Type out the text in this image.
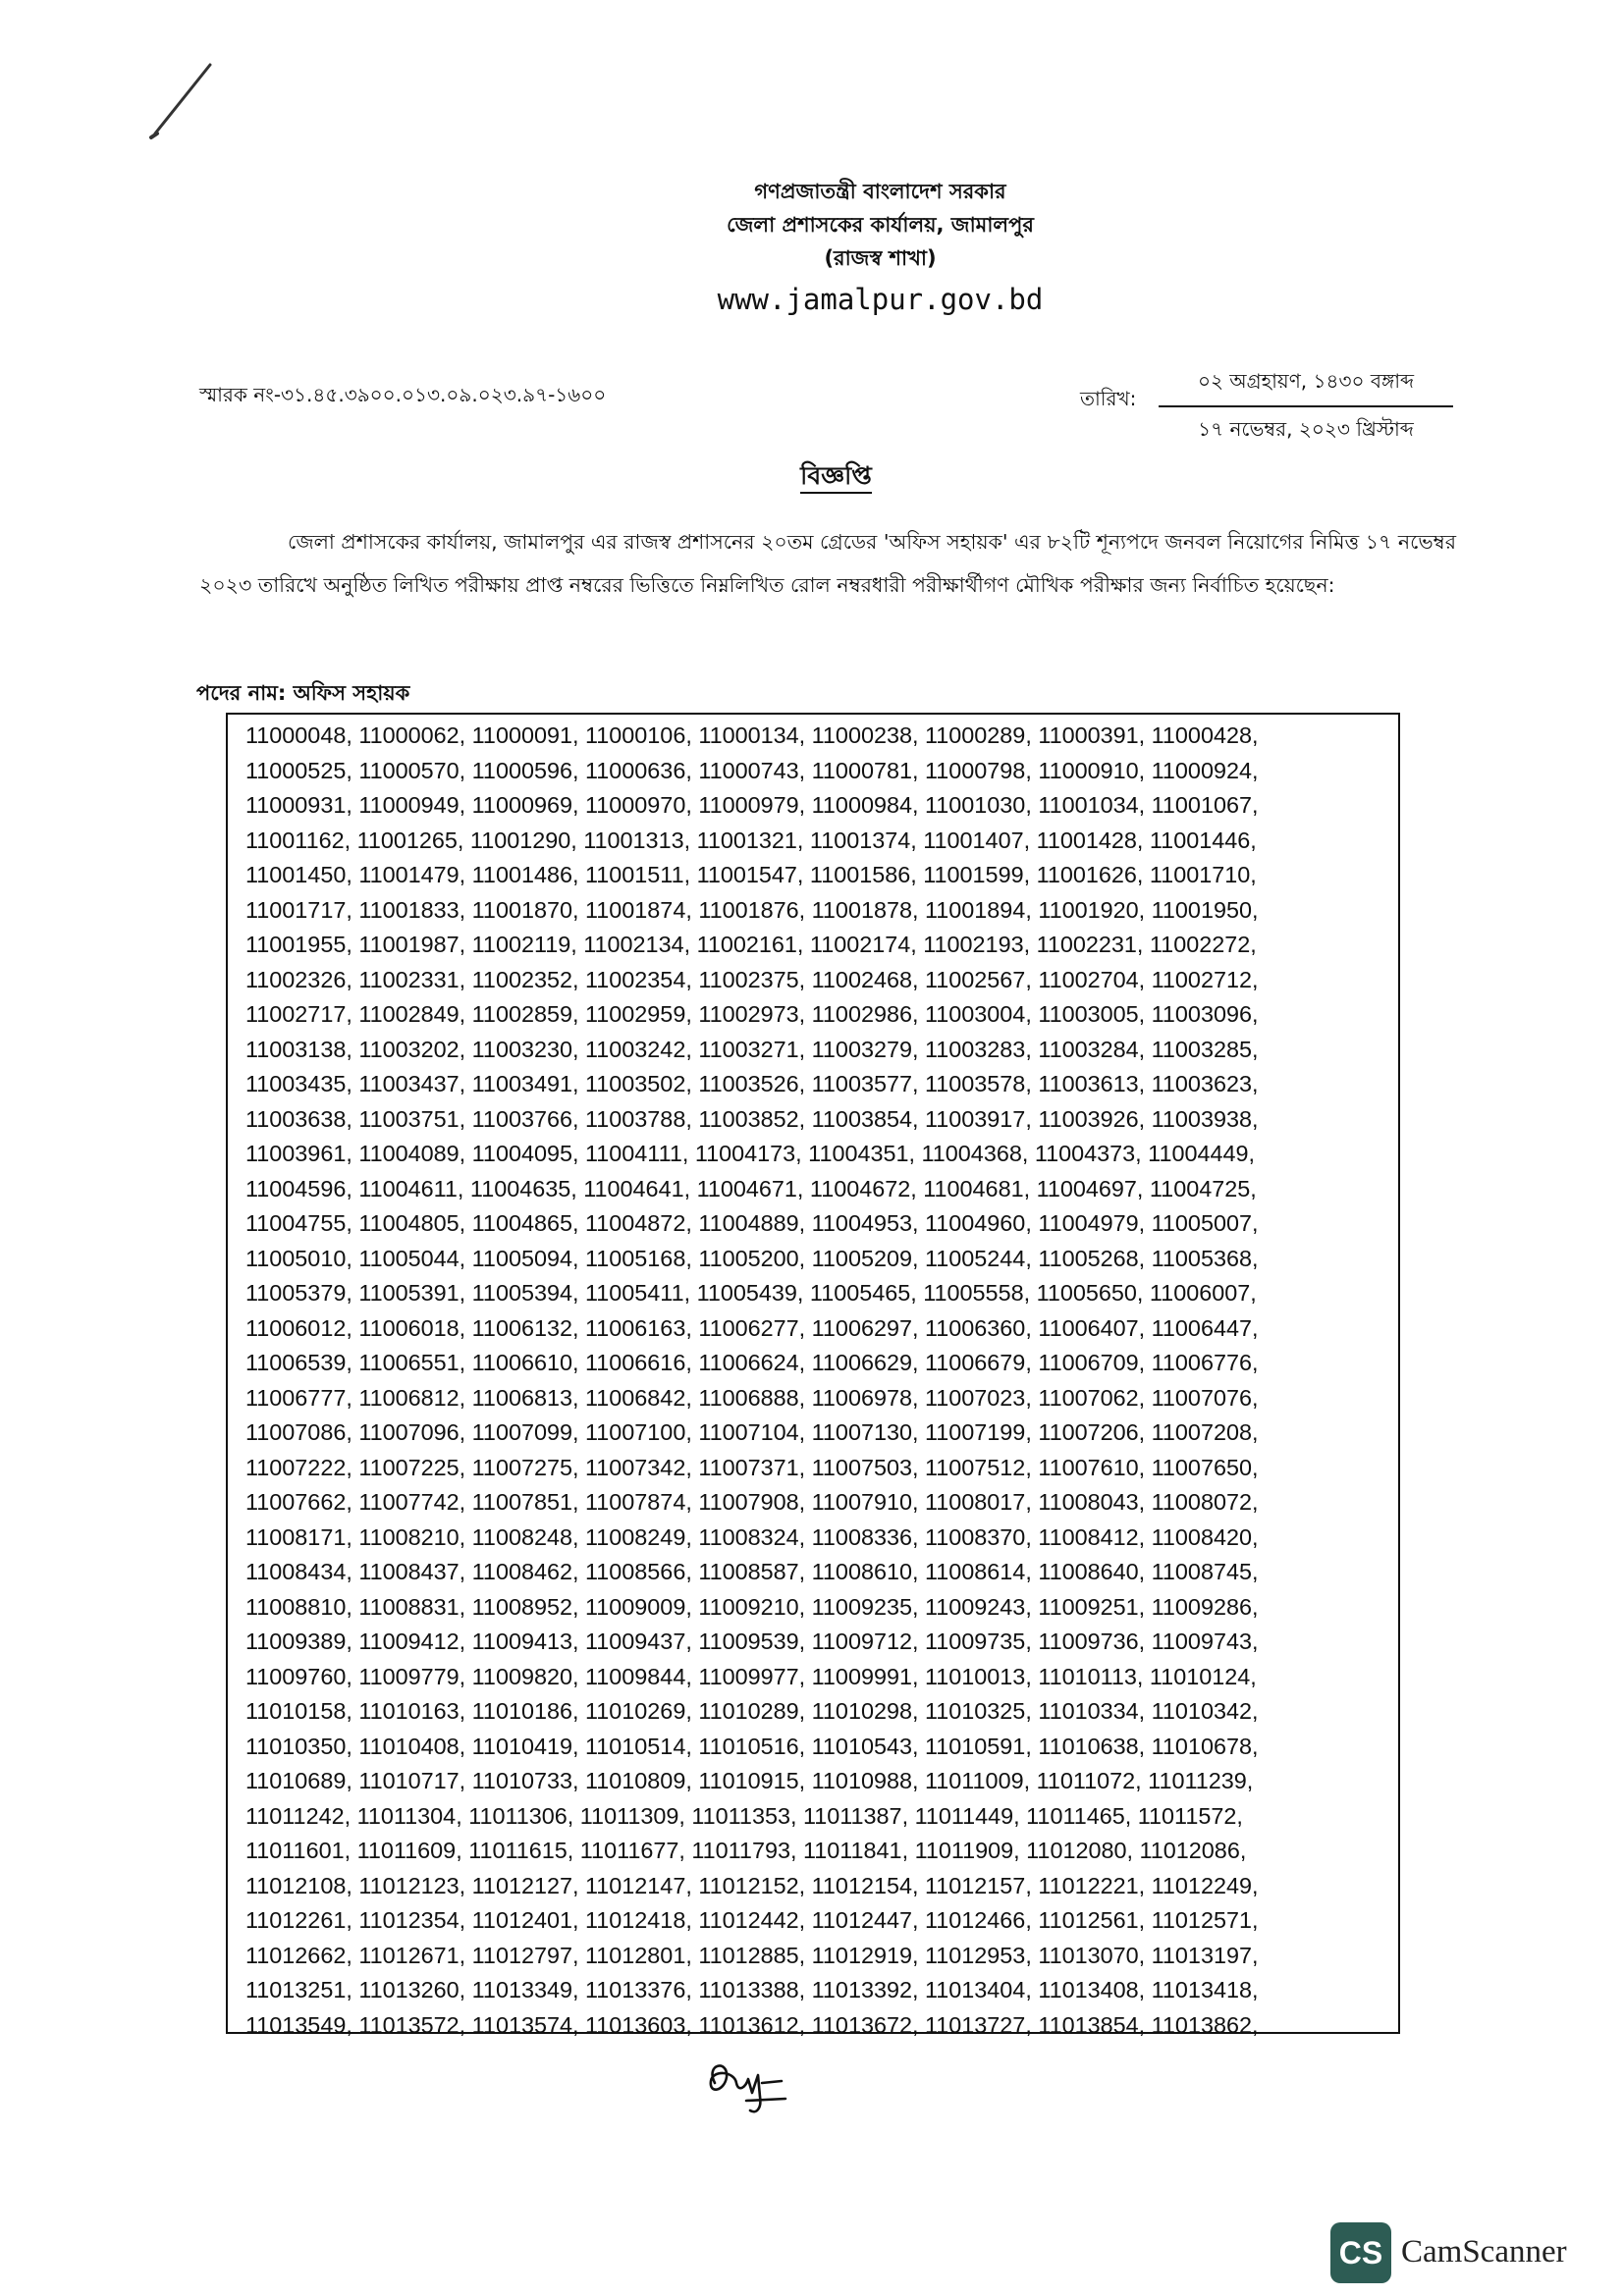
গণপ্রজাতন্ত্রী বাংলাদেশ সরকার
জেলা প্রশাসকের কার্যালয়, জামালপুর
(রাজস্ব শাখা)
www.jamalpur.gov.bd
স্মারক নং-৩১.৪৫.৩৯০০.০১৩.০৯.০২৩.৯৭-১৬০০	তারিখ:
০২ অগ্রহায়ণ, ১৪৩০ বঙ্গাব্দ
১৭ নভেম্বর, ২০২৩ খ্রিস্টাব্দ
বিজ্ঞপ্তি
জেলা প্রশাসকের কার্যালয়, জামালপুর এর রাজস্ব প্রশাসনের ২০তম গ্রেডের 'অফিস সহায়ক' এর ৮২টি শূন্যপদে জনবল নিয়োগের নিমিত্ত ১৭ নভেম্বর ২০২৩ তারিখে অনুষ্ঠিত লিখিত পরীক্ষায় প্রাপ্ত নম্বরের ভিত্তিতে নিম্নলিখিত রোল নম্বরধারী পরীক্ষার্থীগণ মৌখিক পরীক্ষার জন্য নির্বাচিত হয়েছেন:
পদের নাম: অফিস সহায়ক
11000048, 11000062, 11000091, 11000106, 11000134, 11000238, 11000289, 11000391, 11000428,
11000525, 11000570, 11000596, 11000636, 11000743, 11000781, 11000798, 11000910, 11000924,
11000931, 11000949, 11000969, 11000970, 11000979, 11000984, 11001030, 11001034, 11001067,
11001162, 11001265, 11001290, 11001313, 11001321, 11001374, 11001407, 11001428, 11001446,
11001450, 11001479, 11001486, 11001511, 11001547, 11001586, 11001599, 11001626, 11001710,
11001717, 11001833, 11001870, 11001874, 11001876, 11001878, 11001894, 11001920, 11001950,
11001955, 11001987, 11002119, 11002134, 11002161, 11002174, 11002193, 11002231, 11002272,
11002326, 11002331, 11002352, 11002354, 11002375, 11002468, 11002567, 11002704, 11002712,
11002717, 11002849, 11002859, 11002959, 11002973, 11002986, 11003004, 11003005, 11003096,
11003138, 11003202, 11003230, 11003242, 11003271, 11003279, 11003283, 11003284, 11003285,
11003435, 11003437, 11003491, 11003502, 11003526, 11003577, 11003578, 11003613, 11003623,
11003638, 11003751, 11003766, 11003788, 11003852, 11003854, 11003917, 11003926, 11003938,
11003961, 11004089, 11004095, 11004111, 11004173, 11004351, 11004368, 11004373, 11004449,
11004596, 11004611, 11004635, 11004641, 11004671, 11004672, 11004681, 11004697, 11004725,
11004755, 11004805, 11004865, 11004872, 11004889, 11004953, 11004960, 11004979, 11005007,
11005010, 11005044, 11005094, 11005168, 11005200, 11005209, 11005244, 11005268, 11005368,
11005379, 11005391, 11005394, 11005411, 11005439, 11005465, 11005558, 11005650, 11006007,
11006012, 11006018, 11006132, 11006163, 11006277, 11006297, 11006360, 11006407, 11006447,
11006539, 11006551, 11006610, 11006616, 11006624, 11006629, 11006679, 11006709, 11006776,
11006777, 11006812, 11006813, 11006842, 11006888, 11006978, 11007023, 11007062, 11007076,
11007086, 11007096, 11007099, 11007100, 11007104, 11007130, 11007199, 11007206, 11007208,
11007222, 11007225, 11007275, 11007342, 11007371, 11007503, 11007512, 11007610, 11007650,
11007662, 11007742, 11007851, 11007874, 11007908, 11007910, 11008017, 11008043, 11008072,
11008171, 11008210, 11008248, 11008249, 11008324, 11008336, 11008370, 11008412, 11008420,
11008434, 11008437, 11008462, 11008566, 11008587, 11008610, 11008614, 11008640, 11008745,
11008810, 11008831, 11008952, 11009009, 11009210, 11009235, 11009243, 11009251, 11009286,
11009389, 11009412, 11009413, 11009437, 11009539, 11009712, 11009735, 11009736, 11009743,
11009760, 11009779, 11009820, 11009844, 11009977, 11009991, 11010013, 11010113, 11010124,
11010158, 11010163, 11010186, 11010269, 11010289, 11010298, 11010325, 11010334, 11010342,
11010350, 11010408, 11010419, 11010514, 11010516, 11010543, 11010591, 11010638, 11010678,
11010689, 11010717, 11010733, 11010809, 11010915, 11010988, 11011009, 11011072, 11011239,
11011242, 11011304, 11011306, 11011309, 11011353, 11011387, 11011449, 11011465, 11011572,
11011601, 11011609, 11011615, 11011677, 11011793, 11011841, 11011909, 11012080, 11012086,
11012108, 11012123, 11012127, 11012147, 11012152, 11012154, 11012157, 11012221, 11012249,
11012261, 11012354, 11012401, 11012418, 11012442, 11012447, 11012466, 11012561, 11012571,
11012662, 11012671, 11012797, 11012801, 11012885, 11012919, 11012953, 11013070, 11013197,
11013251, 11013260, 11013349, 11013376, 11013388, 11013392, 11013404, 11013408, 11013418,
11013549, 11013572, 11013574, 11013603, 11013612, 11013672, 11013727, 11013854, 11013862,
CS CamScanner
